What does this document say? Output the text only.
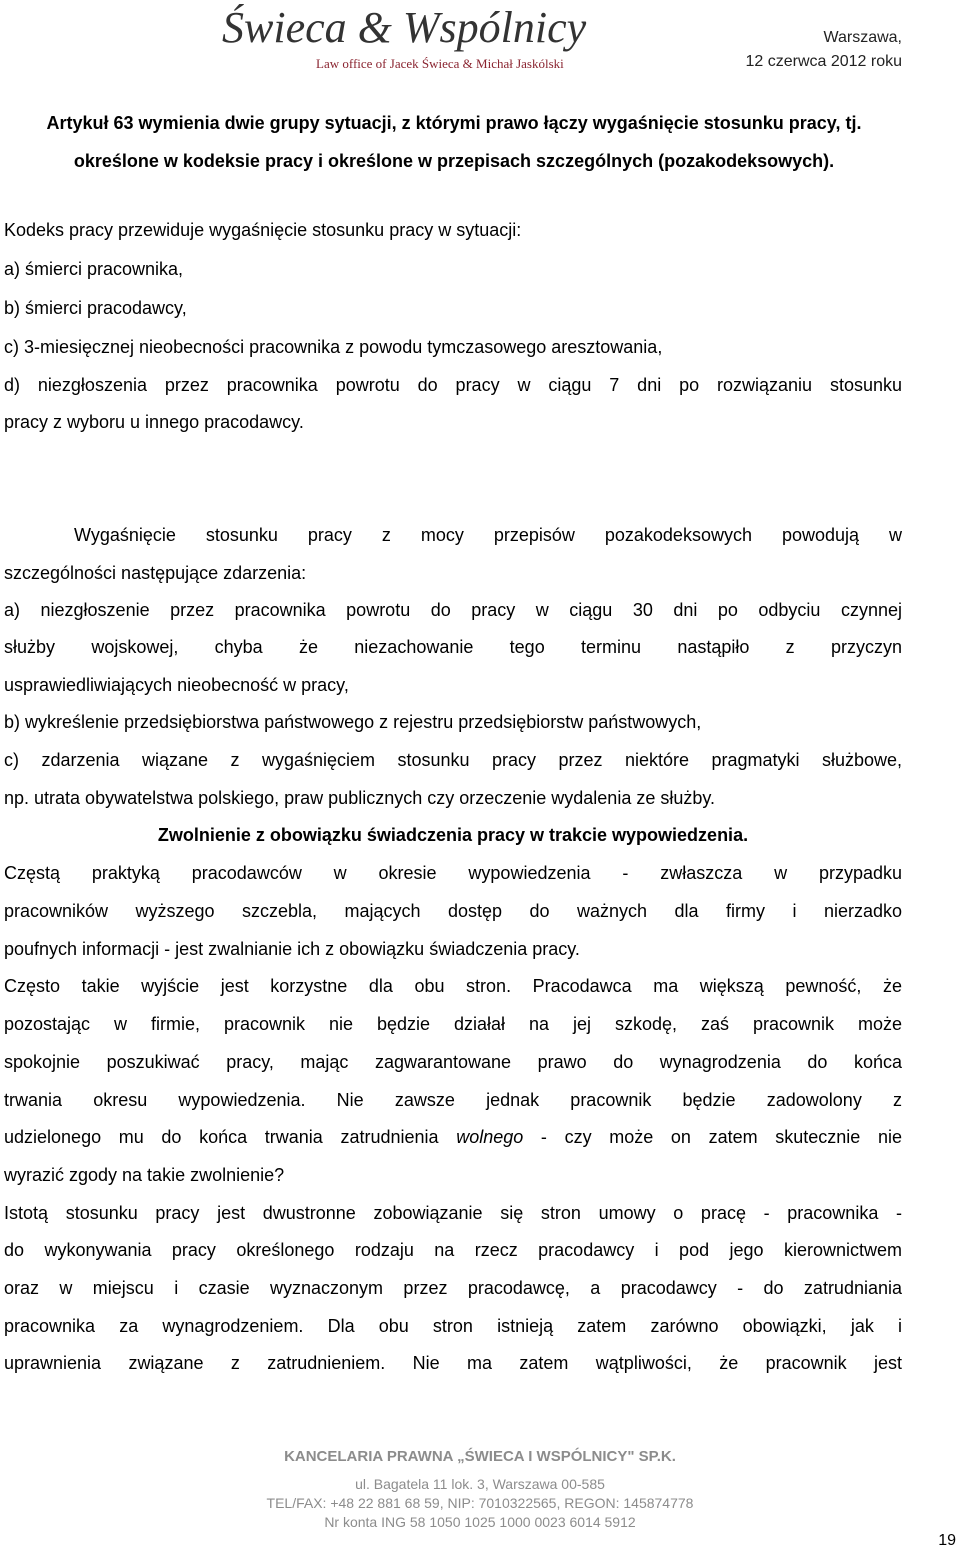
Świeca & Wspólnicy
Law office of Jacek Świeca & Michał Jaskólski
Warszawa,
12 czerwca 2012 roku
Artykuł 63 wymienia dwie grupy sytuacji, z którymi prawo łączy wygaśnięcie stosunku pracy, tj. określone w kodeksie pracy i określone w przepisach szczególnych (pozakodeksowych).
Kodeks pracy przewiduje wygaśnięcie stosunku pracy w sytuacji:
a) śmierci pracownika,
b) śmierci pracodawcy,
c) 3-miesięcznej nieobecności pracownika z powodu tymczasowego aresztowania,
d) niezgłoszenia przez pracownika powrotu do pracy w ciągu 7 dni po rozwiązaniu stosunku
pracy z wyboru u innego pracodawcy.
Wygaśnięcie stosunku pracy z mocy przepisów pozakodeksowych powodują w
szczególności następujące zdarzenia:
a) niezgłoszenie przez pracownika powrotu do pracy w ciągu 30 dni po odbyciu czynnej
służby wojskowej, chyba że niezachowanie tego terminu nastąpiło z przyczyn
usprawiedliwiających nieobecność w pracy,
b) wykreślenie przedsiębiorstwa państwowego z rejestru przedsiębiorstw państwowych,
c) zdarzenia wiązane z wygaśnięciem stosunku pracy przez niektóre pragmatyki służbowe,
np. utrata obywatelstwa polskiego, praw publicznych czy orzeczenie wydalenia ze służby.
Zwolnienie z obowiązku świadczenia pracy w trakcie wypowiedzenia.
Częstą praktyką pracodawców w okresie wypowiedzenia - zwłaszcza w przypadku
pracowników wyższego szczebla, mających dostęp do ważnych dla firmy i nierzadko
poufnych informacji - jest zwalnianie ich z obowiązku świadczenia pracy.
Często takie wyjście jest korzystne dla obu stron. Pracodawca ma większą pewność, że
pozostając w firmie, pracownik nie będzie działał na jej szkodę, zaś pracownik może
spokojnie poszukiwać pracy, mając zagwarantowane prawo do wynagrodzenia do końca
trwania okresu wypowiedzenia. Nie zawsze jednak pracownik będzie zadowolony z
udzielonego mu do końca trwania zatrudnienia wolnego - czy może on zatem skutecznie nie
wyrazić zgody na takie zwolnienie?
Istotą stosunku pracy jest dwustronne zobowiązanie się stron umowy o pracę - pracownika -
do wykonywania pracy określonego rodzaju na rzecz pracodawcy i pod jego kierownictwem
oraz w miejscu i czasie wyznaczonym przez pracodawcę, a pracodawcy - do zatrudniania
pracownika za wynagrodzeniem. Dla obu stron istnieją zatem zarówno obowiązki, jak i
uprawnienia związane z zatrudnieniem. Nie ma zatem wątpliwości, że pracownik jest
KANCELARIA PRAWNA „ŚWIECA I WSPÓLNICY" SP.K.
ul. Bagatela 11 lok. 3, Warszawa 00-585
TEL/FAX: +48 22 881 68 59, NIP: 7010322565, REGON: 145874778
Nr konta ING 58 1050 1025 1000 0023 6014 5912
19
